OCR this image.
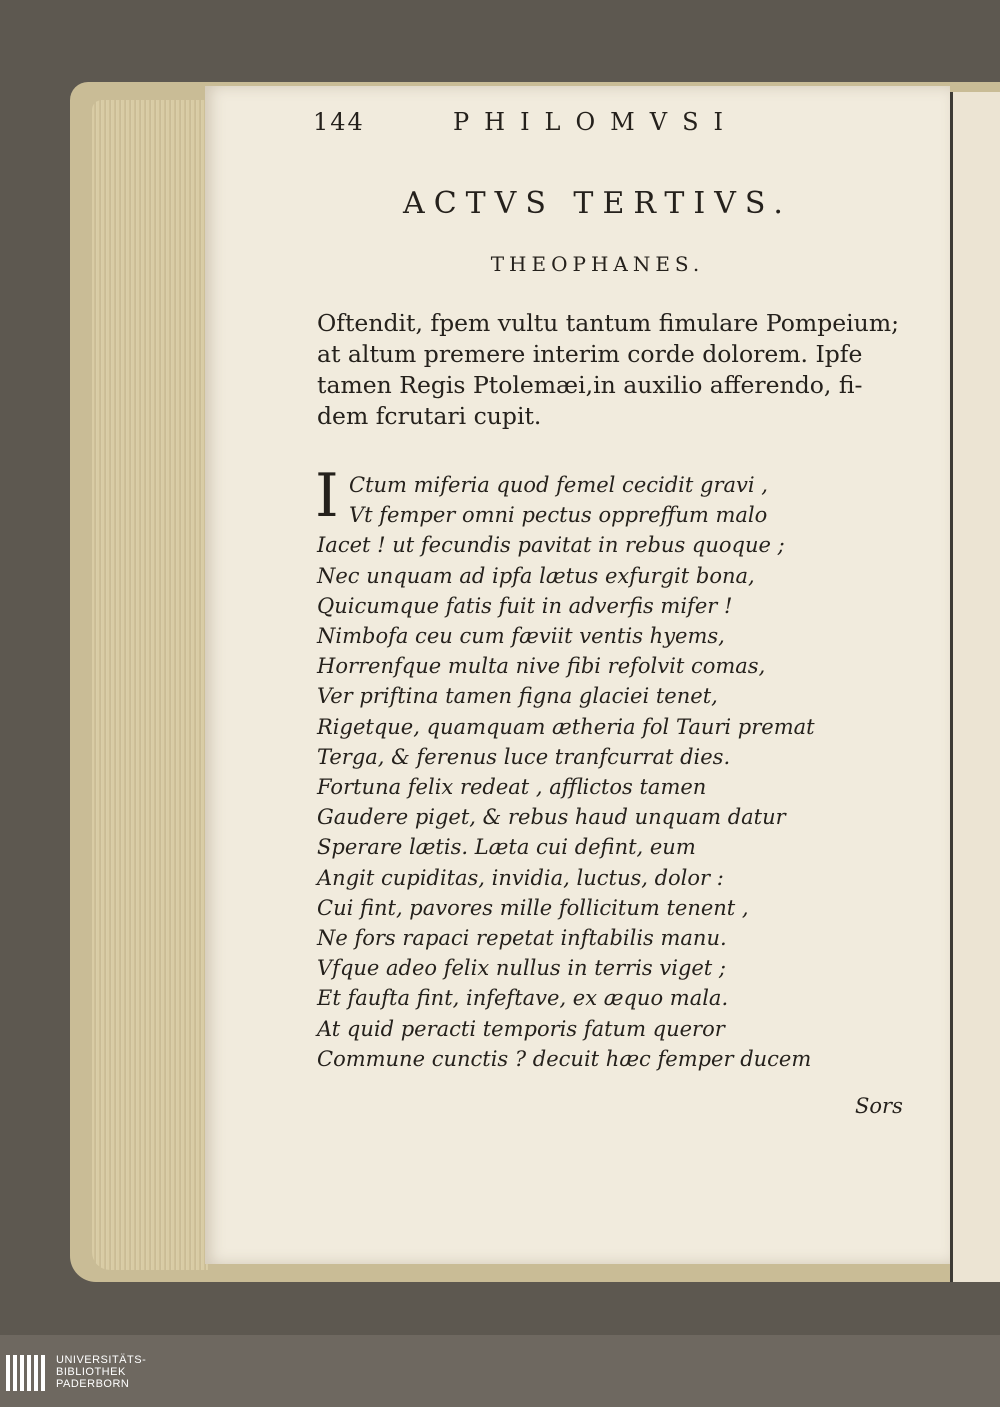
144	PHILOMVSI
ACTVS TERTIVS.
THEOPHANES.
Oftendit, fpem vultu tantum fimulare Pompeium;
at altum premere interim corde dolorem. Ipfe
tamen Regis Ptolemæi,in auxilio afferendo, fi-
dem fcrutari cupit.
I Ctum miferia quod femel cecidit gravi ,
Vt femper omni pectus oppreffum malo
Iacet ! ut fecundis pavitat in rebus quoque ;
Nec unquam ad ipfa lætus exfurgit bona,
Quicumque fatis fuit in adverfis mifer !
Nimbofa ceu cum fæviit ventis hyems,
Horrenfque multa nive fibi refolvit comas,
Ver priftina tamen figna glaciei tenet,
Rigetque, quamquam ætheria fol Tauri premat
Terga, & ferenus luce tranfcurrat dies.
Fortuna felix redeat , afflictos tamen
Gaudere piget, & rebus haud unquam datur
Sperare lætis. Læta cui defint, eum
Angit cupiditas, invidia, luctus, dolor :
Cui fint, pavores mille follicitum tenent ,
Ne fors rapaci repetat inftabilis manu.
Vfque adeo felix nullus in terris viget ;
Et faufta fint, infeftave, ex æquo mala.
At quid peracti temporis fatum queror
Commune cunctis ? decuit hæc femper ducem
Sors
UNIVERSITÄTS-
BIBLIOTHEK
PADERBORN
